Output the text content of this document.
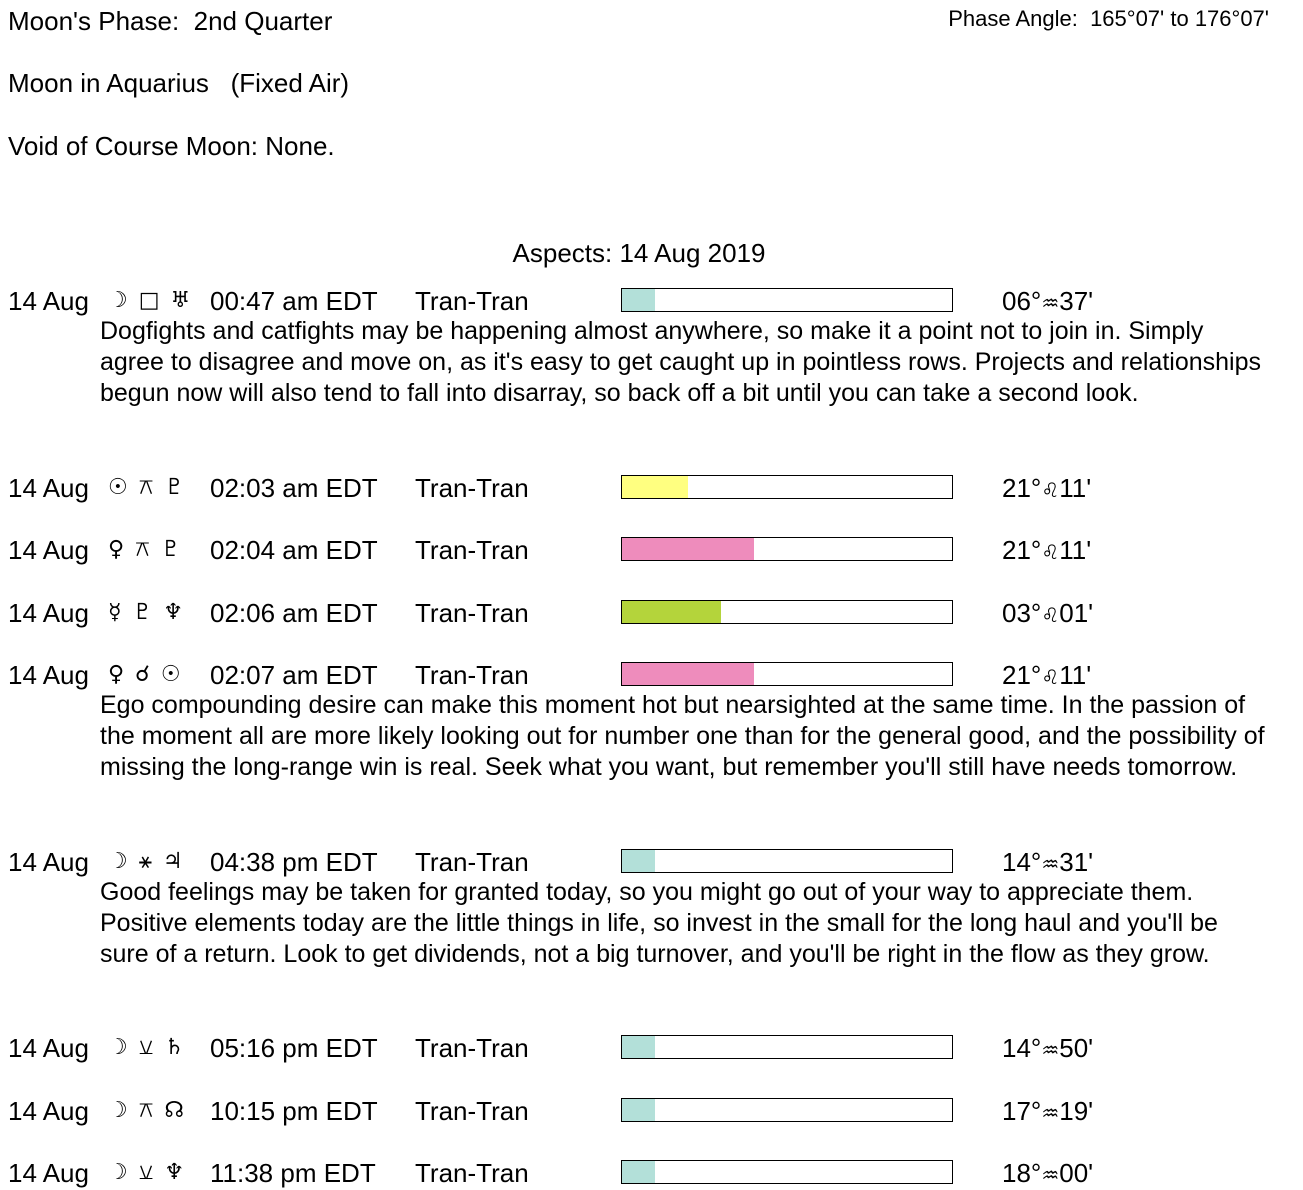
Moon's Phase:  2nd Quarter
Moon in Aquarius   (Fixed Air)
Void of Course Moon: None.
Phase Angle:  165°07' to 176°07'
Aspects: 14 Aug 2019
14 Aug ☽ □ ♅ 00:47 am EDT Tran-Tran	06°♒37'
Dogfights and catfights may be happening almost anywhere, so make it a point not to join in. Simply agree to disagree and move on, as it's easy to get caught up in pointless rows. Projects and relationships begun now will also tend to fall into disarray, so back off a bit until you can take a second look.
14 Aug ☉ ⚻ ♇ 02:03 am EDT Tran-Tran	21°♌11'
14 Aug ♀ ⚻ ♇ 02:04 am EDT Tran-Tran	21°♌11'
14 Aug ☿ ♇ ♆ 02:06 am EDT Tran-Tran	03°♌01'
14 Aug ♀ ☌ ☉ 02:07 am EDT Tran-Tran	21°♌11'
Ego compounding desire can make this moment hot but nearsighted at the same time. In the passion of the moment all are more likely looking out for number one than for the general good, and the possibility of missing the long-range win is real. Seek what you want, but remember you'll still have needs tomorrow.
14 Aug ☽ ⚹ ♃ 04:38 pm EDT Tran-Tran	14°♒31'
Good feelings may be taken for granted today, so you might go out of your way to appreciate them. Positive elements today are the little things in life, so invest in the small for the long haul and you'll be sure of a return. Look to get dividends, not a big turnover, and you'll be right in the flow as they grow.
14 Aug ☽ ⚺ ♄ 05:16 pm EDT Tran-Tran	14°♒50'
14 Aug ☽ ⚻ ☊ 10:15 pm EDT Tran-Tran	17°♒19'
14 Aug ☽ ⚺ ♆ 11:38 pm EDT Tran-Tran	18°♒00'
